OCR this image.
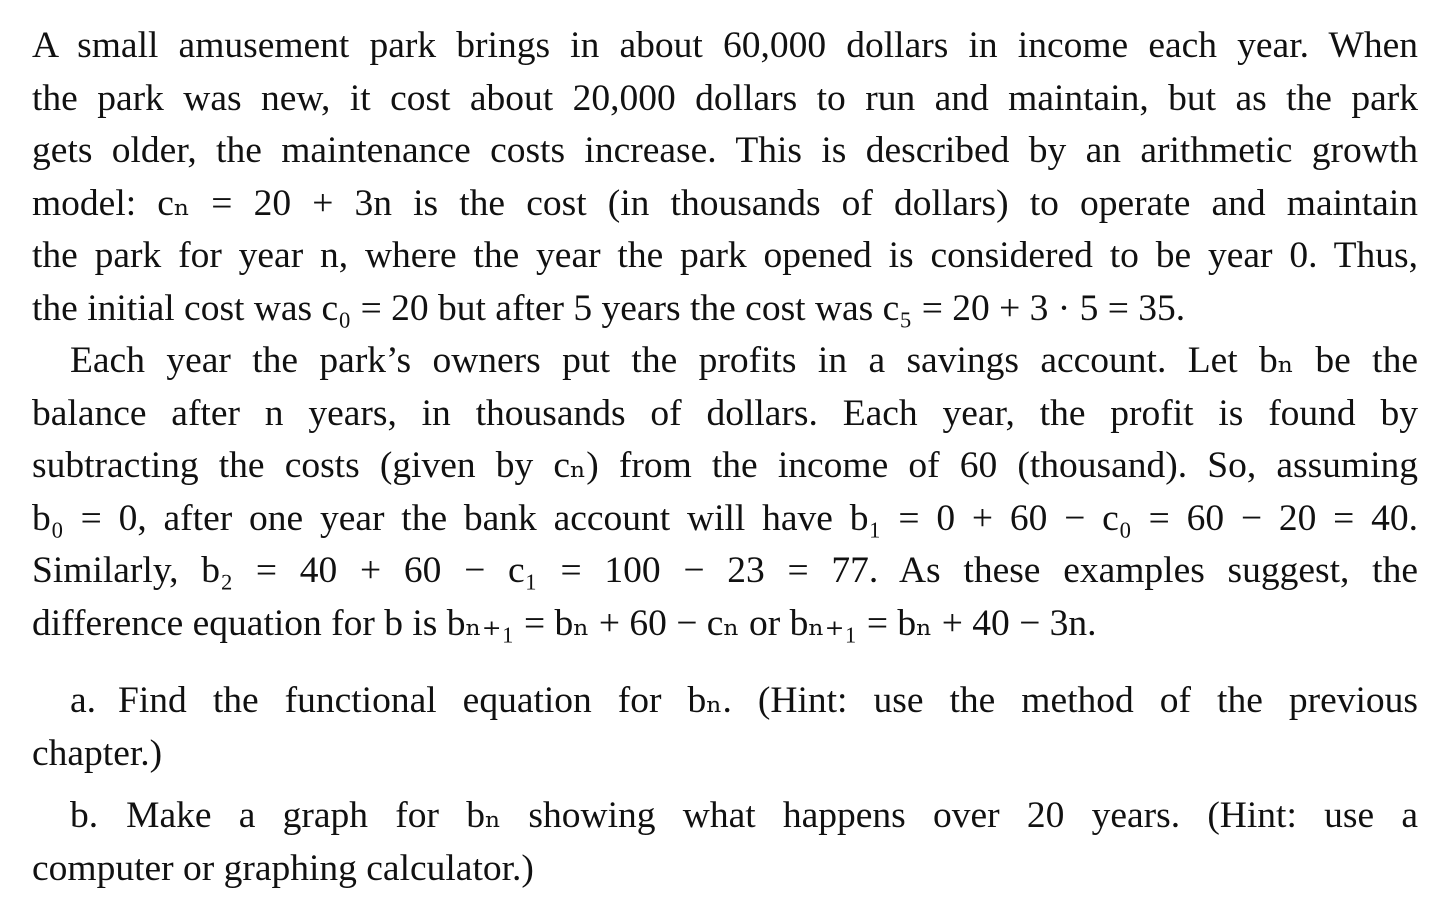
A small amusement park brings in about 60,000 dollars in income each year. When
the park was new, it cost about 20,000 dollars to run and maintain, but as the park
gets older, the maintenance costs increase. This is described by an arithmetic growth
model: cₙ = 20 + 3n is the cost (in thousands of dollars) to operate and maintain
the park for year n, where the year the park opened is considered to be year 0. Thus,
the initial cost was c₀ = 20 but after 5 years the cost was c₅ = 20 + 3 · 5 = 35.
Each year the park’s owners put the profits in a savings account. Let bₙ be the
balance after n years, in thousands of dollars. Each year, the profit is found by
subtracting the costs (given by cₙ) from the income of 60 (thousand). So, assuming
b₀ = 0, after one year the bank account will have b₁ = 0 + 60 − c₀ = 60 − 20 = 40.
Similarly, b₂ = 40 + 60 − c₁ = 100 − 23 = 77. As these examples suggest, the
difference equation for b is bₙ₊₁ = bₙ + 60 − cₙ or bₙ₊₁ = bₙ + 40 − 3n.
a. Find the functional equation for bₙ. (Hint: use the method of the previous
chapter.)
b. Make a graph for bₙ showing what happens over 20 years. (Hint: use a
computer or graphing calculator.)
